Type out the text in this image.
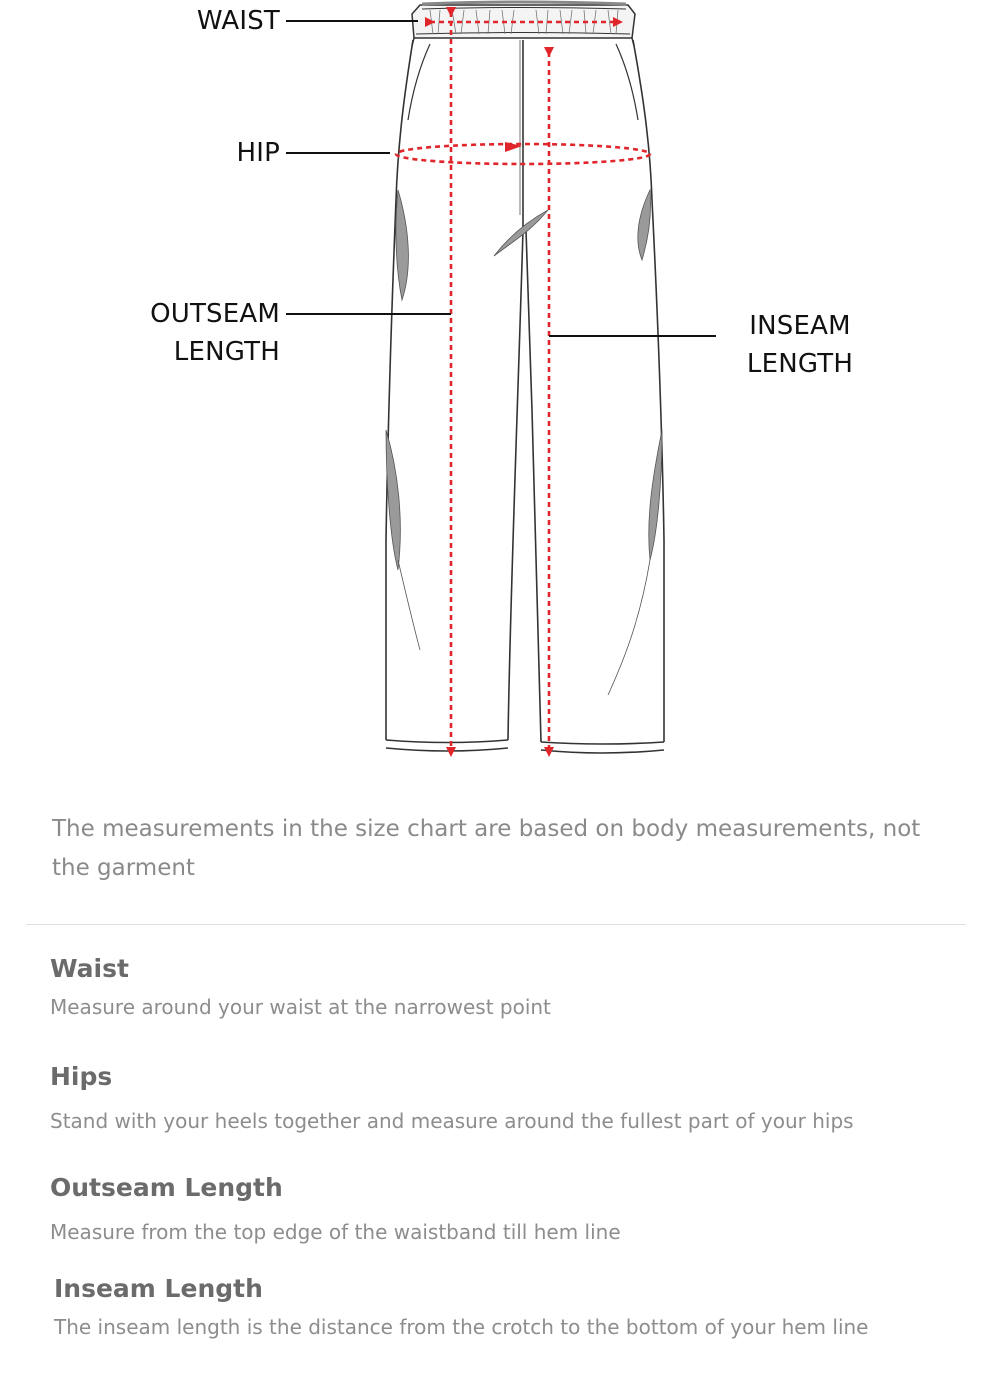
WAIST
HIP
OUTSEAM
LENGTH
INSEAM
LENGTH
The measurements in the size chart are based on body measurements, not the garment
Waist
Measure around your waist at the narrowest point
Hips
Stand with your heels together and measure around the fullest part of your hips
Outseam Length
Measure from the top edge of the waistband till hem line
Inseam Length
The inseam length is the distance from the crotch to the bottom of your hem line
